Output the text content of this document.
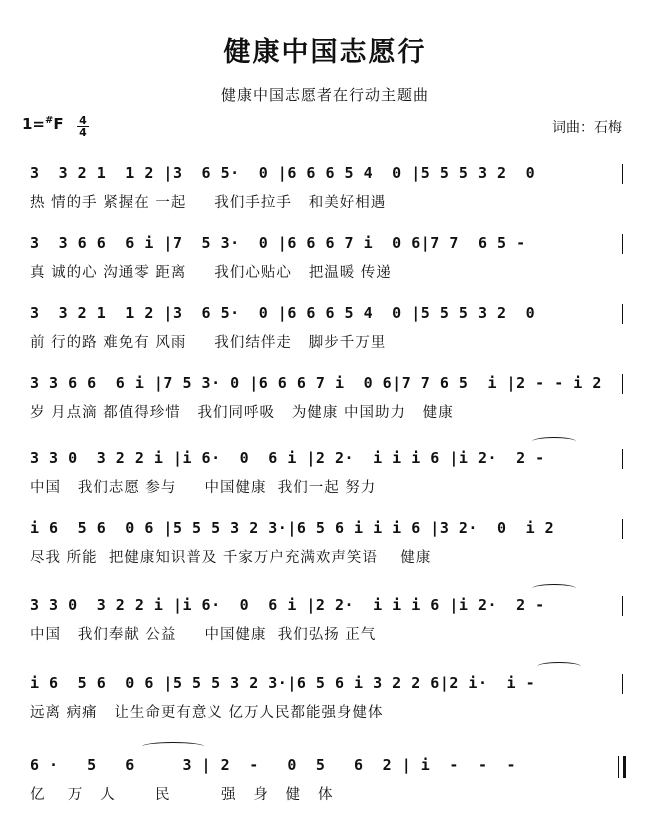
健康中国志愿行
健康中国志愿者在行动主题曲
1=#F 4
4	词曲：石梅
3  3 2 1  1 2 |3  6 5·  0 |6 6 6 5 4  0 |5 5 5 3 2  0
热 情的手 紧握在 一起     我们手拉手   和美好相遇
3  3 6 6  6 i |7  5 3·  0 |6 6 6 7 i  0 6|7 7  6 5 -
真 诚的心 沟通零 距离     我们心贴心   把温暖 传递
3  3 2 1  1 2 |3  6 5·  0 |6 6 6 5 4  0 |5 5 5 3 2  0
前 行的路 难免有 风雨     我们结伴走   脚步千万里
3 3 6 6  6 i |7 5 3· 0 |6 6 6 7 i  0 6|7 7 6 5  i |2 - - i 2
岁 月点滴 都值得珍惜   我们同呼吸   为健康 中国助力   健康
3 3 0  3 2 2 i |i 6·  0  6 i |2 2·  i i i 6 |i 2·  2 -
中国   我们志愿 参与     中国健康  我们一起 努力
i 6  5 6  0 6 |5 5 5 3 2 3·|6 5 6 i i i 6 |3 2·  0  i 2
尽我 所能  把健康知识普及 千家万户充满欢声笑语    健康
3 3 0  3 2 2 i |i 6·  0  6 i |2 2·  i i i 6 |i 2·  2 -
中国   我们奉献 公益     中国健康  我们弘扬 正气
i 6  5 6  0 6 |5 5 5 3 2 3·|6 5 6 i 3 2 2 6|2 i·  i -
远离 病痛   让生命更有意义 亿万人民都能强身健体
6 ·   5   6     3 | 2  -   0  5   6  2 | i  -  -  -
亿    万   人       民         强   身   健   体
